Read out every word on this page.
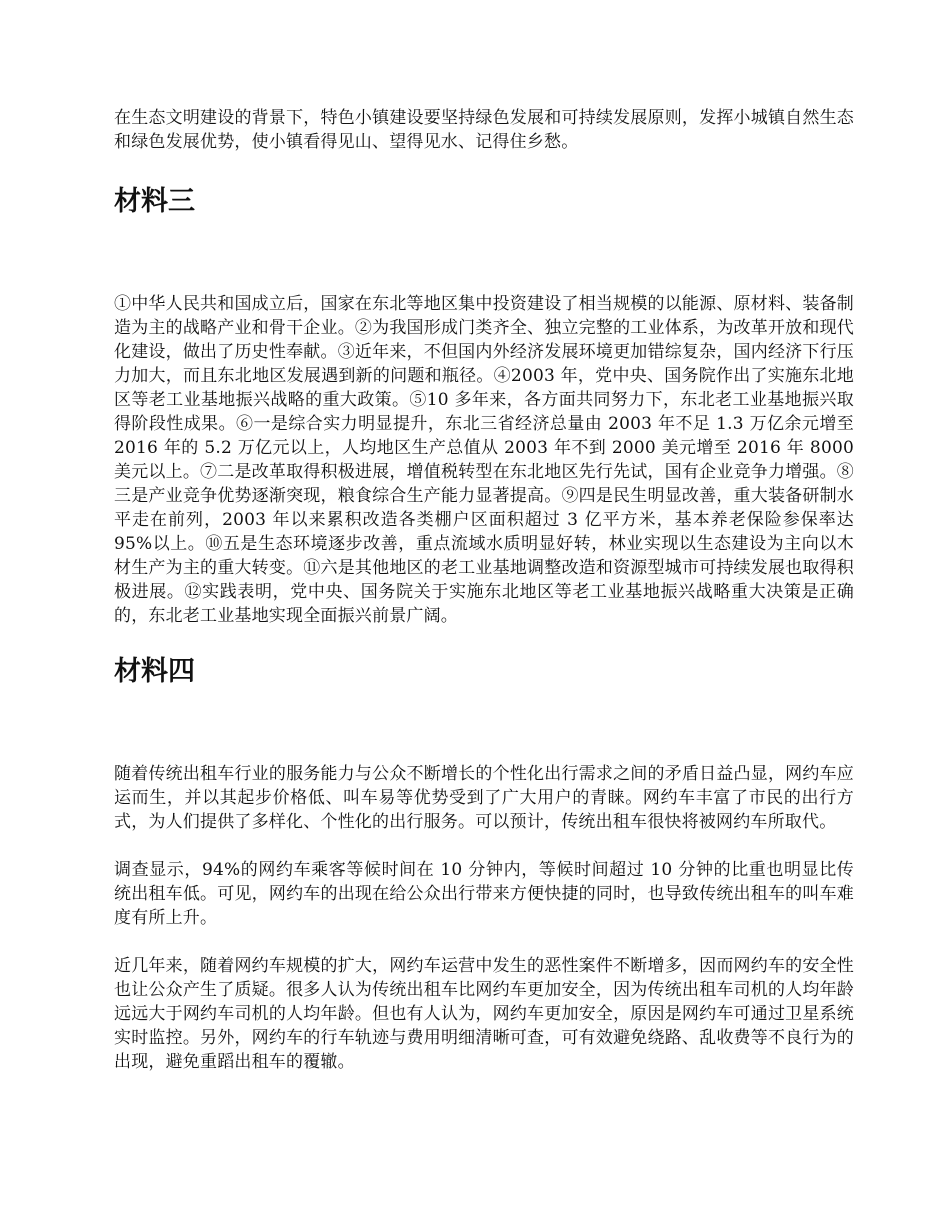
在生态文明建设的背景下，特色小镇建设要坚持绿色发展和可持续发展原则，发挥小城镇自然生态和绿色发展优势，使小镇看得见山、望得见水、记得住乡愁。

材料三

①中华人民共和国成立后，国家在东北等地区集中投资建设了相当规模的以能源、原材料、装备制造为主的战略产业和骨干企业。②为我国形成门类齐全、独立完整的工业体系，为改革开放和现代化建设，做出了历史性奉献。③近年来，不但国内外经济发展环境更加错综复杂，国内经济下行压力加大，而且东北地区发展遇到新的问题和瓶径。④2003 年，党中央、国务院作出了实施东北地区等老工业基地振兴战略的重大政策。⑤10 多年来，各方面共同努力下，东北老工业基地振兴取得阶段性成果。⑥一是综合实力明显提升，东北三省经济总量由 2003 年不足 1.3 万亿余元增至 2016 年的 5.2 万亿元以上，人均地区生产总值从 2003 年不到 2000 美元增至 2016 年 8000 美元以上。⑦二是改革取得积极进展，增值税转型在东北地区先行先试，国有企业竞争力增强。⑧三是产业竞争优势逐渐突现，粮食综合生产能力显著提高。⑨四是民生明显改善，重大装备研制水平走在前列，2003 年以来累积改造各类棚户区面积超过 3 亿平方米，基本养老保险参保率达 95%以上。⑩五是生态环境逐步改善，重点流域水质明显好转，林业实现以生态建设为主向以木材生产为主的重大转变。⑪六是其他地区的老工业基地调整改造和资源型城市可持续发展也取得积极进展。⑫实践表明，党中央、国务院关于实施东北地区等老工业基地振兴战略重大决策是正确的，东北老工业基地实现全面振兴前景广阔。

材料四

随着传统出租车行业的服务能力与公众不断增长的个性化出行需求之间的矛盾日益凸显，网约车应运而生，并以其起步价格低、叫车易等优势受到了广大用户的青睐。网约车丰富了市民的出行方式，为人们提供了多样化、个性化的出行服务。可以预计，传统出租车很快将被网约车所取代。

调查显示，94%的网约车乘客等候时间在 10 分钟内，等候时间超过 10 分钟的比重也明显比传统出租车低。可见，网约车的出现在给公众出行带来方便快捷的同时，也导致传统出租车的叫车难度有所上升。

近几年来，随着网约车规模的扩大，网约车运营中发生的恶性案件不断增多，因而网约车的安全性也让公众产生了质疑。很多人认为传统出租车比网约车更加安全，因为传统出租车司机的人均年龄远远大于网约车司机的人均年龄。但也有人认为，网约车更加安全，原因是网约车可通过卫星系统实时监控。另外，网约车的行车轨迹与费用明细清晰可查，可有效避免绕路、乱收费等不良行为的出现，避免重蹈出租车的覆辙。
